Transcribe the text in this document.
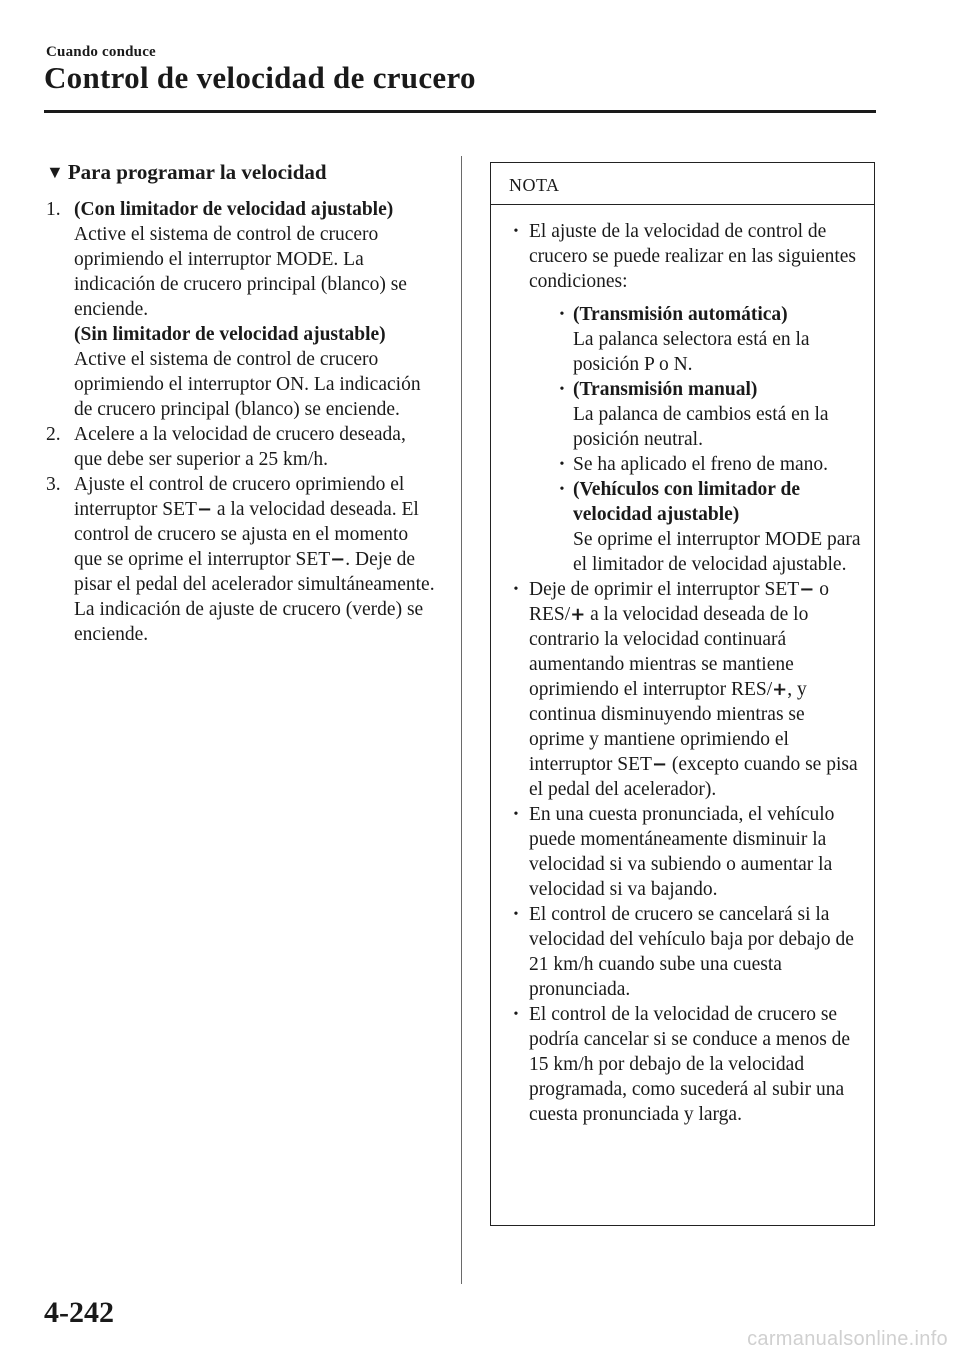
Cuando conduce
Control de velocidad de crucero
▼ Para programar la velocidad
1. (Con limitador de velocidad ajustable)

Active el sistema de control de crucero oprimiendo el interruptor MODE. La indicación de crucero principal (blanco) se enciende.

(Sin limitador de velocidad ajustable)

Active el sistema de control de crucero oprimiendo el interruptor ON. La indicación de crucero principal (blanco) se enciende.

2. Acelere a la velocidad de crucero deseada, que debe ser superior a 25 km/h.

3. Ajuste el control de crucero oprimiendo el interruptor SET− a la velocidad deseada. El control de crucero se ajusta en el momento que se oprime el interruptor SET−. Deje de pisar el pedal del acelerador simultáneamente. La indicación de ajuste de crucero (verde) se enciende.

NOTA
• El ajuste de la velocidad de control de crucero se puede realizar en las siguientes condiciones:

• (Transmisión automática)

La palanca selectora está en la posición P o N.

• (Transmisión manual)

La palanca de cambios está en la posición neutral.

• Se ha aplicado el freno de mano.

• (Vehículos con limitador de velocidad ajustable)

Se oprime el interruptor MODE para el limitador de velocidad ajustable.

• Deje de oprimir el interruptor SET− o RES/+ a la velocidad deseada de lo contrario la velocidad continuará aumentando mientras se mantiene oprimiendo el interruptor RES/+, y continua disminuyendo mientras se oprime y mantiene oprimiendo el interruptor SET− (excepto cuando se pisa el pedal del acelerador).

• En una cuesta pronunciada, el vehículo puede momentáneamente disminuir la velocidad si va subiendo o aumentar la velocidad si va bajando.

• El control de crucero se cancelará si la velocidad del vehículo baja por debajo de 21 km/h cuando sube una cuesta pronunciada.

• El control de la velocidad de crucero se podría cancelar si se conduce a menos de 15 km/h por debajo de la velocidad programada, como sucederá al subir una cuesta pronunciada y larga.

4-242
carmanualsonline.info
